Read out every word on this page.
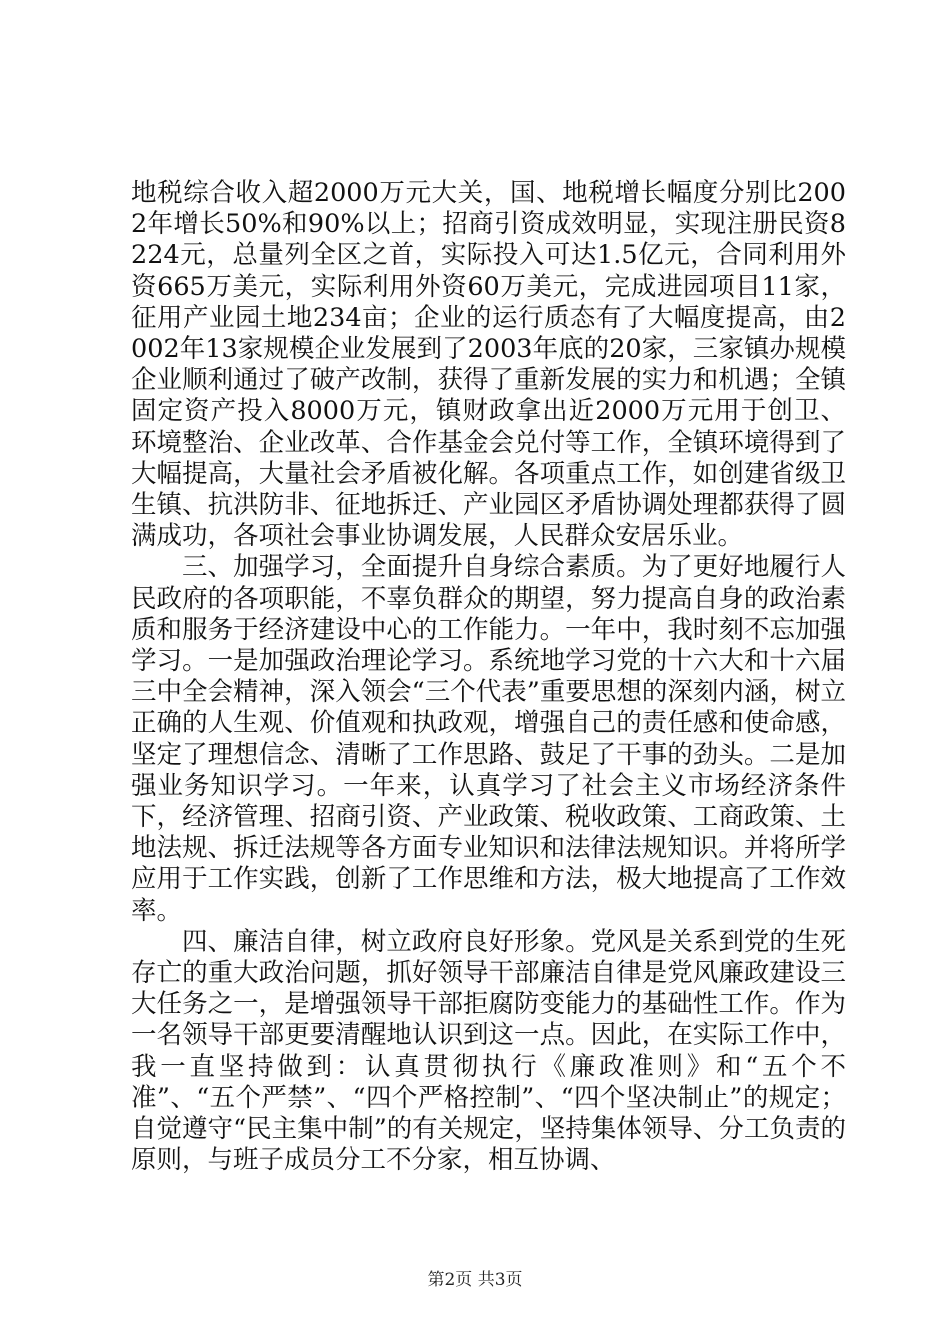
地税综合收入超2000万元大关，国、地税增长幅度分别比2002年增长50%和90%以上；招商引资成效明显，实现注册民资8224元，总量列全区之首，实际投入可达1.5亿元，合同利用外资665万美元，实际利用外资60万美元，完成进园项目11家，征用产业园土地234亩；企业的运行质态有了大幅度提高，由2002年13家规模企业发展到了2003年底的20家，三家镇办规模企业顺利通过了破产改制，获得了重新发展的实力和机遇；全镇固定资产投入8000万元，镇财政拿出近2000万元用于创卫、环境整治、企业改革、合作基金会兑付等工作，全镇环境得到了大幅提高，大量社会矛盾被化解。各项重点工作，如创建省级卫生镇、抗洪防非、征地拆迁、产业园区矛盾协调处理都获得了圆满成功，各项社会事业协调发展，人民群众安居乐业。

三、加强学习，全面提升自身综合素质。为了更好地履行人民政府的各项职能，不辜负群众的期望，努力提高自身的政治素质和服务于经济建设中心的工作能力。一年中，我时刻不忘加强学习。一是加强政治理论学习。系统地学习党的十六大和十六届三中全会精神，深入领会“三个代表”重要思想的深刻内涵，树立正确的人生观、价值观和执政观，增强自己的责任感和使命感，坚定了理想信念、清晰了工作思路、鼓足了干事的劲头。二是加强业务知识学习。一年来，认真学习了社会主义市场经济条件下，经济管理、招商引资、产业政策、税收政策、工商政策、土地法规、拆迁法规等各方面专业知识和法律法规知识。并将所学应用于工作实践，创新了工作思维和方法，极大地提高了工作效率。

四、廉洁自律，树立政府良好形象。党风是关系到党的生死存亡的重大政治问题，抓好领导干部廉洁自律是党风廉政建设三大任务之一，是增强领导干部拒腐防变能力的基础性工作。作为一名领导干部更要清醒地认识到这一点。因此，在实际工作中，我一直坚持做到：认真贯彻执行《廉政准则》和“五个不准”、“五个严禁”、“四个严格控制”、“四个坚决制止”的规定；自觉遵守“民主集中制”的有关规定，坚持集体领导、分工负责的原则，与班子成员分工不分家，相互协调、

第2页 共3页
